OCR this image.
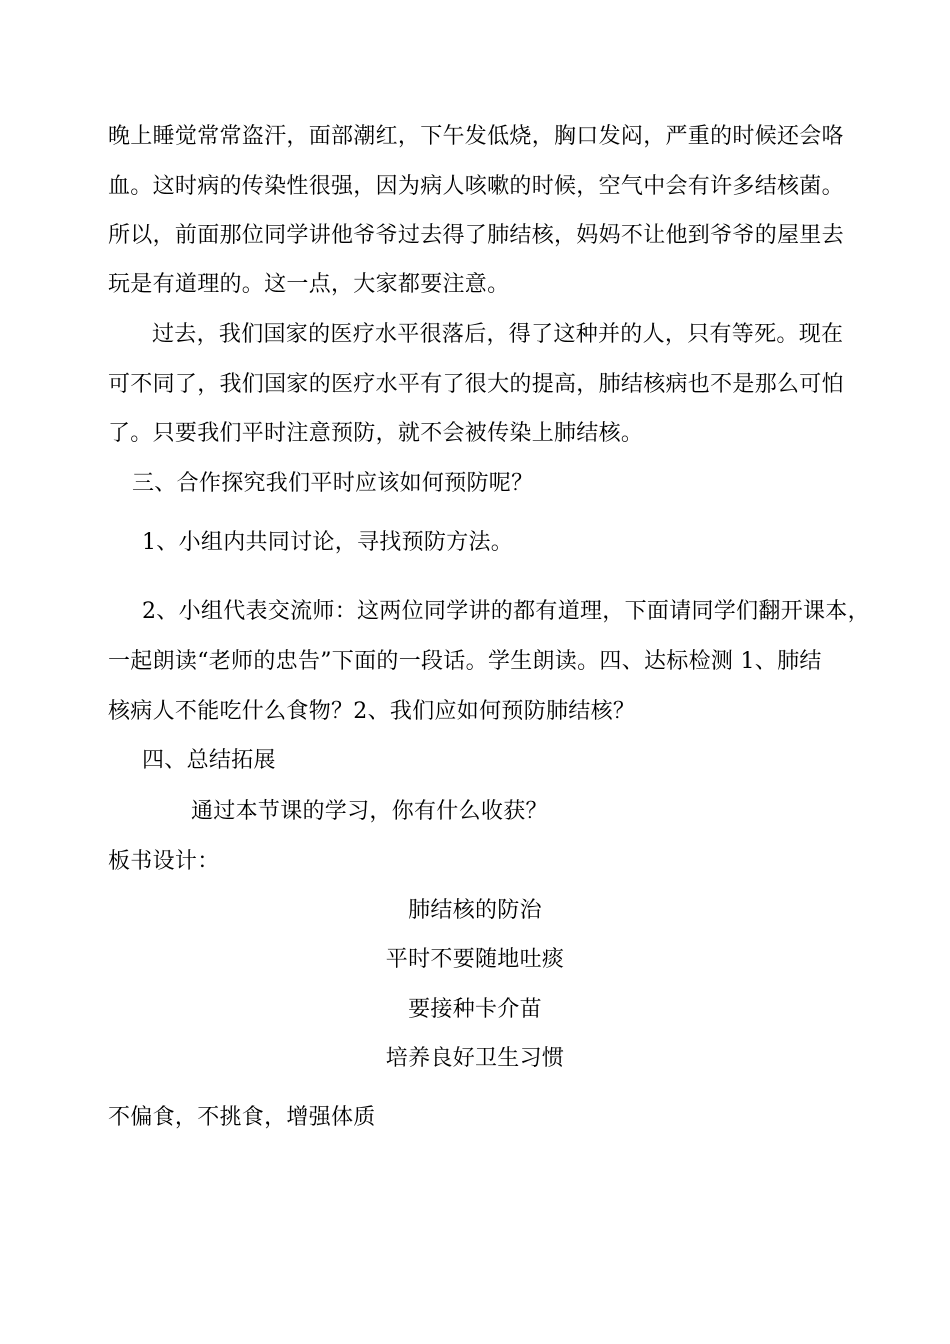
晚上睡觉常常盗汗，面部潮红，下午发低烧，胸口发闷，严重的时候还会咯
血。这时病的传染性很强，因为病人咳嗽的时候，空气中会有许多结核菌。
所以，前面那位同学讲他爷爷过去得了肺结核，妈妈不让他到爷爷的屋里去
玩是有道理的。这一点，大家都要注意。
过去，我们国家的医疗水平很落后，得了这种并的人，只有等死。现在
可不同了，我们国家的医疗水平有了很大的提高，肺结核病也不是那么可怕
了。只要我们平时注意预防，就不会被传染上肺结核。
三、合作探究我们平时应该如何预防呢？
1、小组内共同讨论，寻找预防方法。
2、小组代表交流师：这两位同学讲的都有道理，下面请同学们翻开课本，
一起朗读“老师的忠告”下面的一段话。学生朗读。四、达标检测 1、肺结
核病人不能吃什么食物？2、我们应如何预防肺结核？
四、总结拓展
通过本节课的学习，你有什么收获？
板书设计：
肺结核的防治
平时不要随地吐痰
要接种卡介苗
培养良好卫生习惯
不偏食，不挑食，增强体质
